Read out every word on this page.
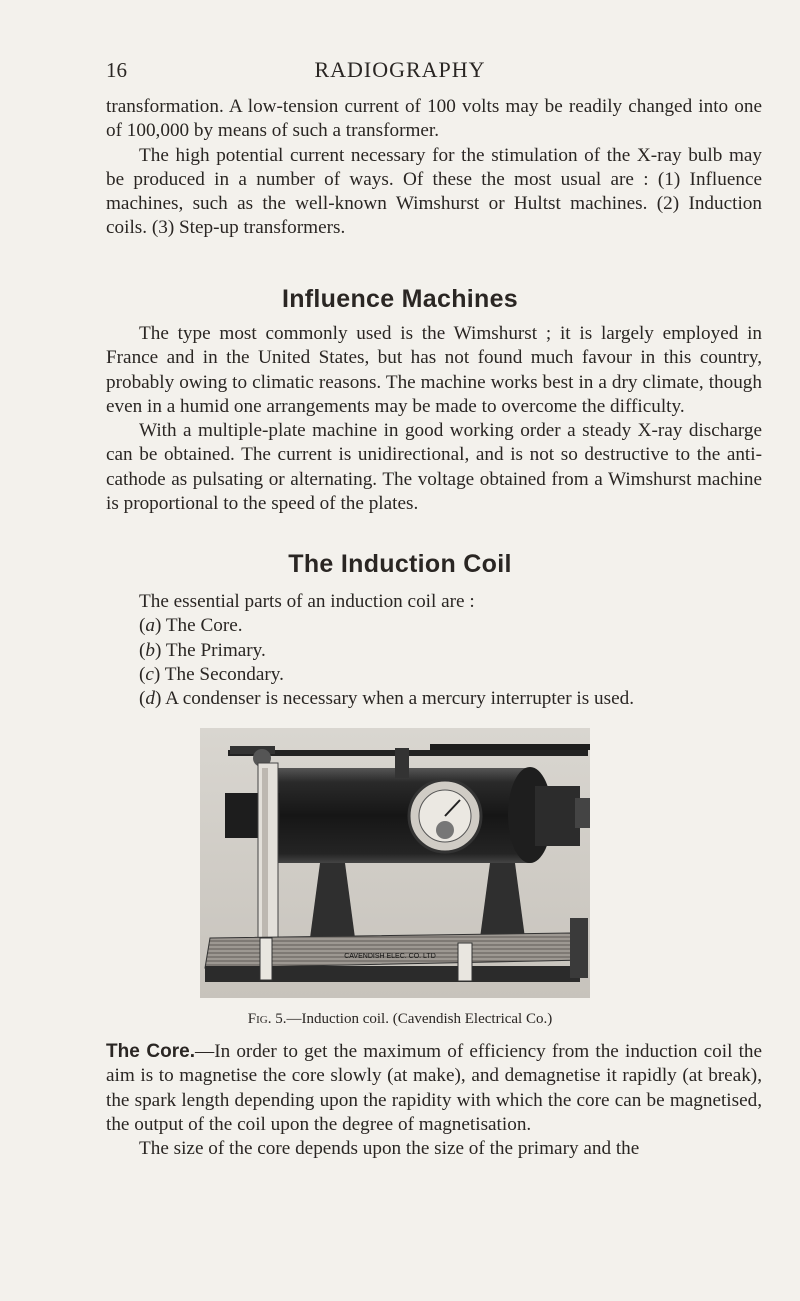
16	RADIOGRAPHY

transformation. A low-tension current of 100 volts may be readily changed into one of 100,000 by means of such a transformer.

The high potential current necessary for the stimulation of the X-ray bulb may be produced in a number of ways. Of these the most usual are : (1) Influence machines, such as the well-known Wimshurst or Hultst machines. (2) Induction coils. (3) Step-up transformers.

Influence Machines

The type most commonly used is the Wimshurst ; it is largely employed in France and in the United States, but has not found much favour in this country, probably owing to climatic reasons. The machine works best in a dry climate, though even in a humid one arrangements may be made to overcome the difficulty.

With a multiple-plate machine in good working order a steady X-ray discharge can be obtained. The current is unidirectional, and is not so destructive to the anti-cathode as pulsating or alternating. The voltage obtained from a Wimshurst machine is proportional to the speed of the plates.

The Induction Coil
The essential parts of an induction coil are :
(a) The Core.
(b) The Primary.
(c) The Secondary.
(d) A condenser is necessary when a mercury interrupter is used.
CAVENDISH ELEC. CO. LTD
Fig. 5.—Induction coil. (Cavendish Electrical Co.)

The Core.—In order to get the maximum of efficiency from the induction coil the aim is to magnetise the core slowly (at make), and demagnetise it rapidly (at break), the spark length depending upon the rapidity with which the core can be magnetised, the output of the coil upon the degree of magnetisation.

The size of the core depends upon the size of the primary and the
